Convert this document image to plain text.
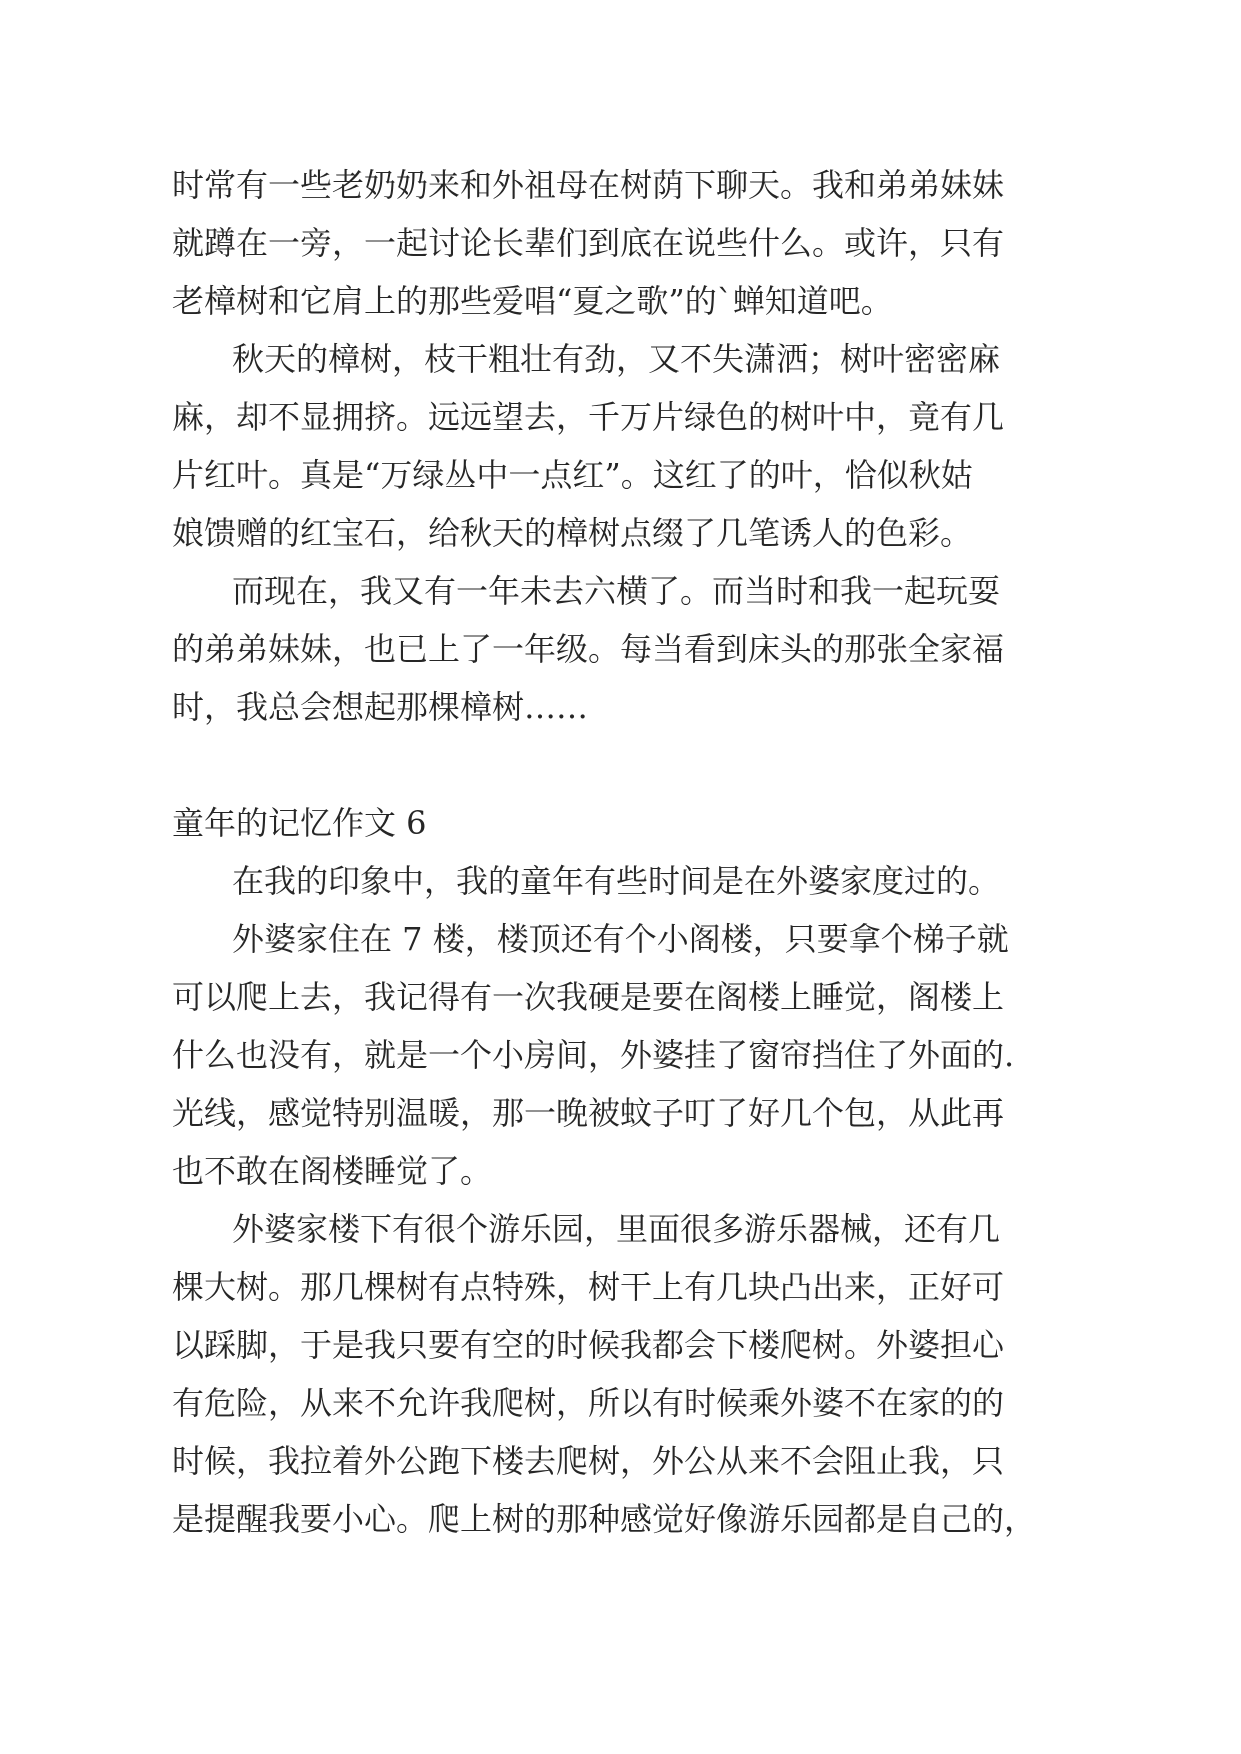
时常有一些老奶奶来和外祖母在树荫下聊天。我和弟弟妹妹
就蹲在一旁，一起讨论长辈们到底在说些什么。或许，只有
老樟树和它肩上的那些爱唱“夏之歌”的`蝉知道吧。
秋天的樟树，枝干粗壮有劲，又不失潇洒；树叶密密麻
麻，却不显拥挤。远远望去，千万片绿色的树叶中，竟有几
片红叶。真是“万绿丛中一点红”。这红了的叶，恰似秋姑
娘馈赠的红宝石，给秋天的樟树点缀了几笔诱人的色彩。
而现在，我又有一年未去六横了。而当时和我一起玩耍
的弟弟妹妹，也已上了一年级。每当看到床头的那张全家福
时，我总会想起那棵樟树……
童年的记忆作文 6
在我的印象中，我的童年有些时间是在外婆家度过的。
外婆家住在 7 楼，楼顶还有个小阁楼，只要拿个梯子就
可以爬上去，我记得有一次我硬是要在阁楼上睡觉，阁楼上
什么也没有，就是一个小房间，外婆挂了窗帘挡住了外面的.
光线，感觉特别温暖，那一晚被蚊子叮了好几个包，从此再
也不敢在阁楼睡觉了。
外婆家楼下有很个游乐园，里面很多游乐器械，还有几
棵大树。那几棵树有点特殊，树干上有几块凸出来，正好可
以踩脚，于是我只要有空的时候我都会下楼爬树。外婆担心
有危险，从来不允许我爬树，所以有时候乘外婆不在家的的
时候，我拉着外公跑下楼去爬树，外公从来不会阻止我，只
是提醒我要小心。爬上树的那种感觉好像游乐园都是自己的，
